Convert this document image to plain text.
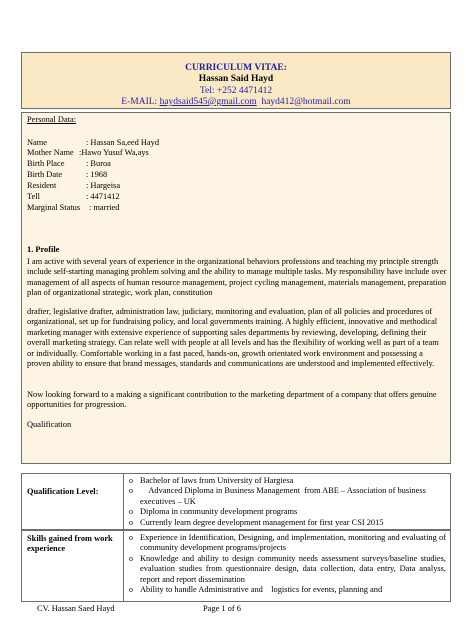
CURRICULUM VITAE:
Hassan Said Hayd
Tel: +252 4471412
E-MAIL: haydsaid545@gmail.com hayd412@hotmail.com
Personal Data:
Name	: Hassan Sa,eed Hayd
Mother Name :Hawo Yusuf Wa,ays
Birth Place	: Buroa
Birth Date	: 1968
Resident	: Hargeisa
Tell	: 4471412
Marginal Status : married
1. Profile

I am active with several years of experience in the organizational behaviors professions and teaching my principle strength include self-starting managing problem solving and the ability to manage multiple tasks. My responsibility have include over management of all aspects of human resource management, project cycling management, materials management, preparation plan of organizational strategic, work plan, constitution

drafter, legislative drafter, administration law, judiciary, monitoring and evaluation, plan of all policies and procedures of organizational, set up for fundraising policy, and local governments training. A highly efficient, innovative and methodical marketing manager with extensive experience of supporting sales departments by reviewing, developing, defining their overall marketing strategy. Can relate well with people at all levels and has the flexibility of working well as part of a team or individually. Comfortable working in a fast paced, hands-on, growth orientated work environment and possessing a proven ability to ensure that brand messages, standards and communications are understood and implemented effectively.

Now looking forward to a making a significant contribution to the marketing department of a company that offers genuine opportunities for progression.

Qualification
Qualification Level:
o Bachelor of laws from University of Hargiesa
o Advanced Diploma in Business Management  from ABE – Association of business executives – UK
o Diploma in community development programs
o Currently learn degree development management for first year CSI 2015
Skills gained from work experience
o Experience in Identification, Designing, and implementation, monitoring and evaluating of community development programs/projects
o Knowledge and ability to design community needs assessment surveys/baseline studies, evaluation studies from questionnaire design, data collection, data entry, Data analyss, report and report dissemination
o Ability to handle Administrative and    logistics for events, planning and
CV. Hassan Saed Hayd	Page 1 of 6
